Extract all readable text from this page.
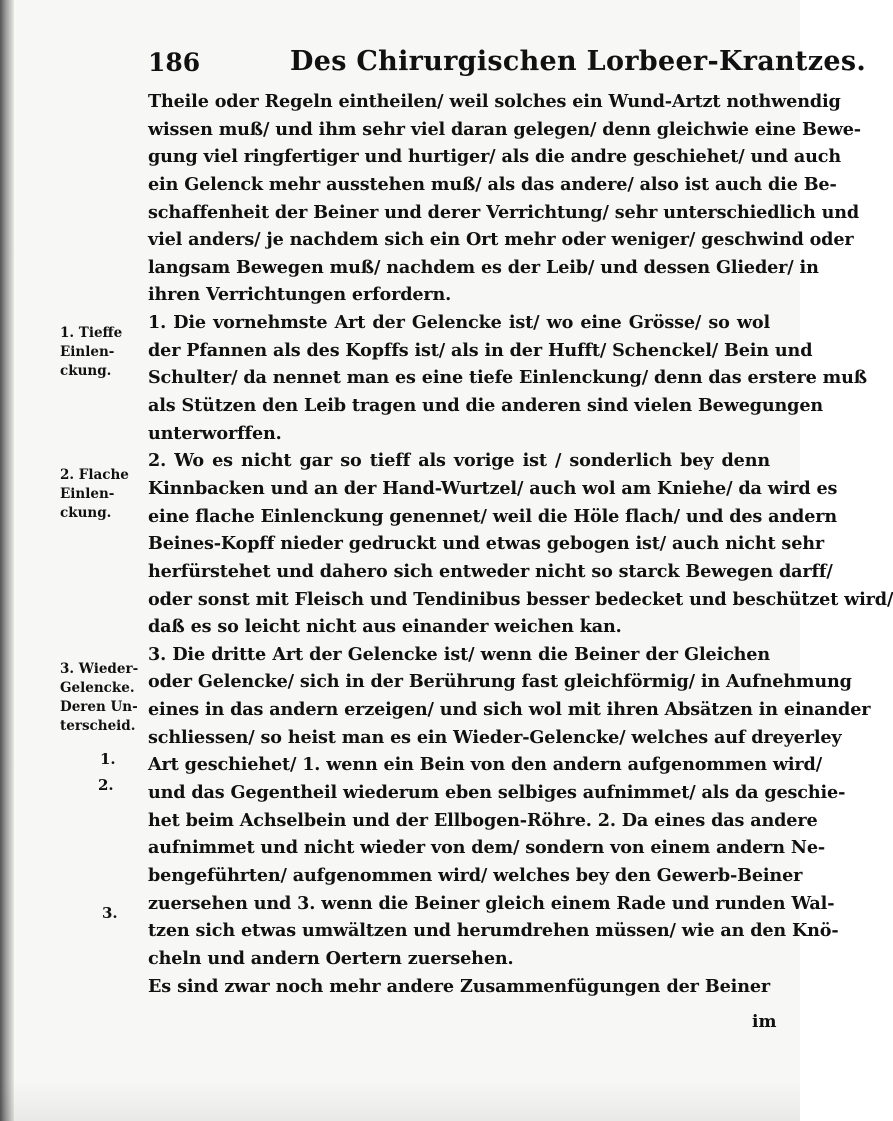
186	Des Chirurgischen Lorbeer-Krantzes.
1. Tieffe
Einlen-
ckung.
2. Flache
Einlen-
ckung.
3. Wieder-
Gelencke.
Deren Un-
terscheid.
1.
2.
3.
Theile oder Regeln eintheilen/ weil solches ein Wund-Artzt nothwendig
wissen muß/ und ihm sehr viel daran gelegen/ denn gleichwie eine Bewe-
gung viel ringfertiger und hurtiger/ als die andre geschiehet/ und auch
ein Gelenck mehr ausstehen muß/ als das andere/ also ist auch die Be-
schaffenheit der Beiner und derer Verrichtung/ sehr unterschiedlich und
viel anders/ je nachdem sich ein Ort mehr oder weniger/ geschwind oder
langsam Bewegen muß/ nachdem es der Leib/ und dessen Glieder/ in
ihren Verrichtungen erfordern.
1. Die vornehmste Art der Gelencke ist/ wo eine Grösse/ so wol
der Pfannen als des Kopffs ist/ als in der Hufft/ Schenckel/ Bein und
Schulter/ da nennet man es eine tiefe Einlenckung/ denn das erstere muß
als Stützen den Leib tragen und die anderen sind vielen Bewegungen
unterworffen.
2. Wo es nicht gar so tieff als vorige ist / sonderlich bey denn
Kinnbacken und an der Hand-Wurtzel/ auch wol am Kniehe/ da wird es
eine flache Einlenckung genennet/ weil die Höle flach/ und des andern
Beines-Kopff nieder gedruckt und etwas gebogen ist/ auch nicht sehr
herfürstehet und dahero sich entweder nicht so starck Bewegen darff/
oder sonst mit Fleisch und Tendinibus besser bedecket und beschützet wird/
daß es so leicht nicht aus einander weichen kan.
3. Die dritte Art der Gelencke ist/ wenn die Beiner der Gleichen
oder Gelencke/ sich in der Berührung fast gleichförmig/ in Aufnehmung
eines in das andern erzeigen/ und sich wol mit ihren Absätzen in einander
schliessen/ so heist man es ein Wieder-Gelencke/ welches auf dreyerley
Art geschiehet/ 1. wenn ein Bein von den andern aufgenommen wird/
und das Gegentheil wiederum eben selbiges aufnimmet/ als da geschie-
het beim Achselbein und der Ellbogen-Röhre. 2. Da eines das andere
aufnimmet und nicht wieder von dem/ sondern von einem andern Ne-
bengeführten/ aufgenommen wird/ welches bey den Gewerb-Beiner
zuersehen und 3. wenn die Beiner gleich einem Rade und runden Wal-
tzen sich etwas umwältzen und herumdrehen müssen/ wie an den Knö-
cheln und andern Oertern zuersehen.
Es sind zwar noch mehr andere Zusammenfügungen der Beiner
im
